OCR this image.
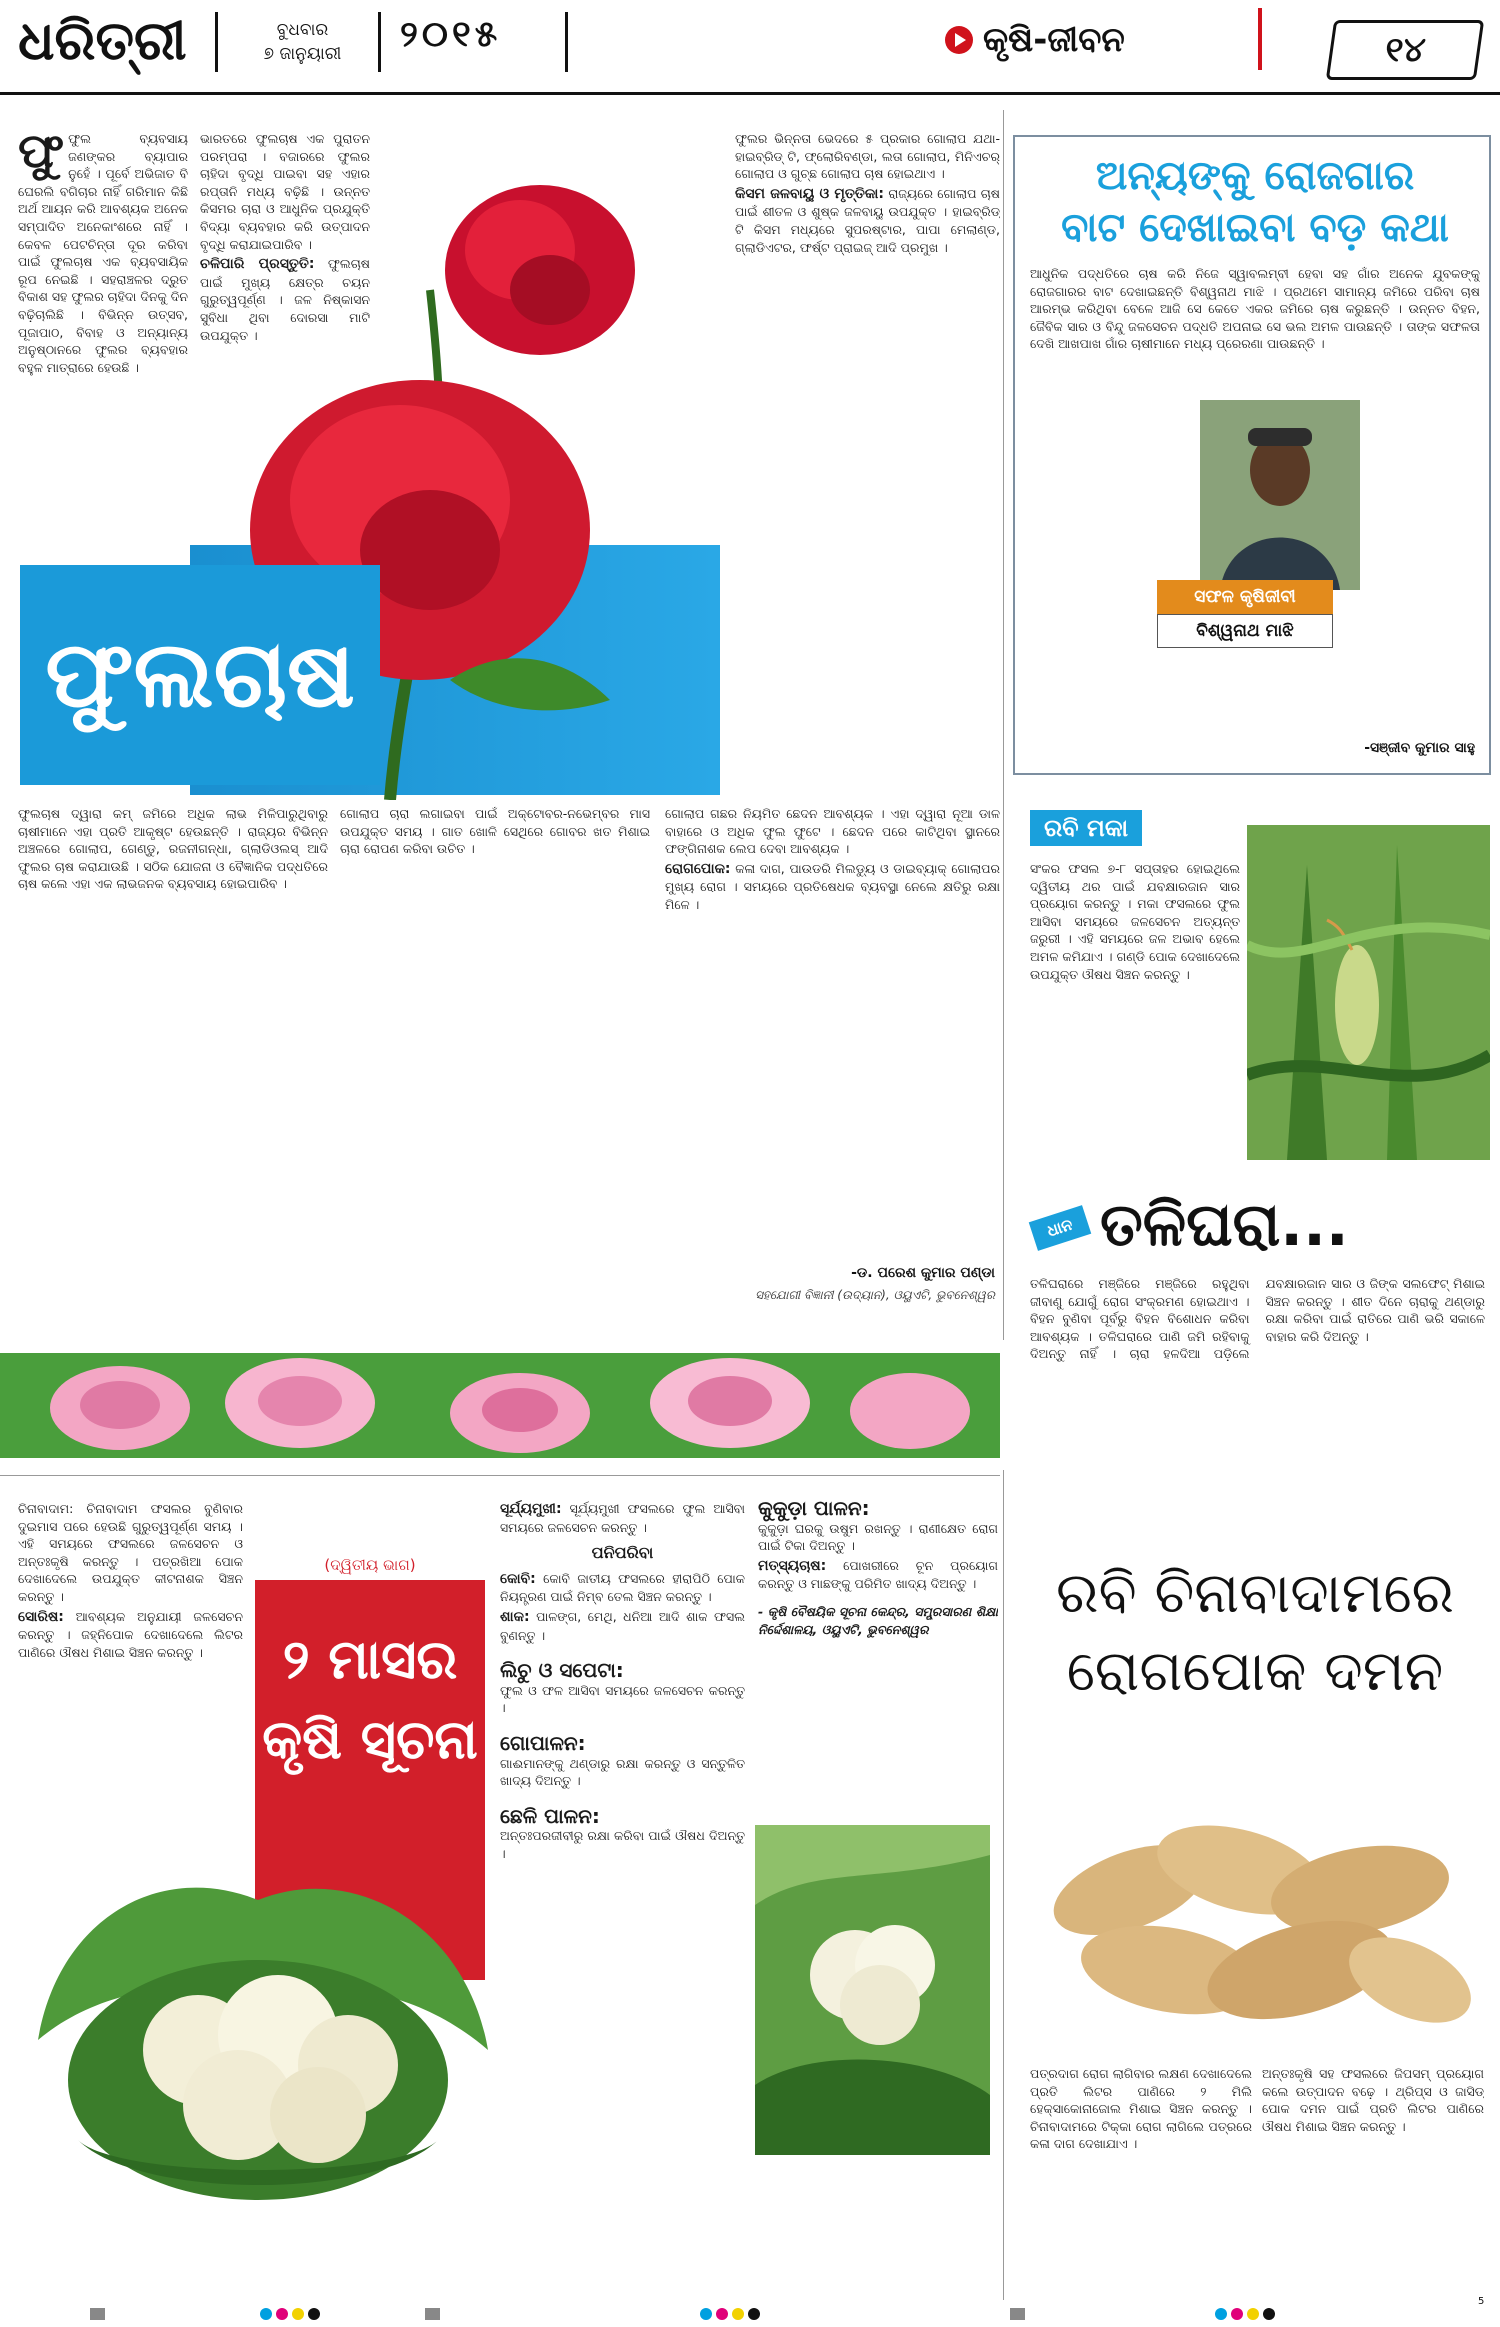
ଧରିତ୍ରୀ	ବୁଧବାର
୭ ଜାନୁୟାରୀ	୨୦୧୫	କୃଷି-ଜୀବନ	୧୪

ଫୁଫୁଲ ବ୍ୟବସାୟ ଜଣଙ୍କର ବ୍ୟାପାର ନୁହେଁ । ପୂର୍ବେ ଅଭିଜାତ ବି ଘେରଲି ବଗିଚାର ନାହିଁ ଗରିମାନ କିଛି ଅର୍ଥ ଆୟନ କରି ଆବଶ୍ୟକ ଅନେକ ସମ୍ପାଦିତ ଅନେକାଂଶରେ ନାହିଁ । କେବଳ ପେଟଚିନ୍ତା ଦୂର କରିବା ପାଇଁ ଫୁଲଚାଷ ଏକ ବ୍ୟବସାୟିକ ରୂପ ନେଇଛି । ସହରାଞ୍ଚଳର ଦ୍ରୁତ ବିକାଶ ସହ ଫୁଲର ଚାହିଦା ଦିନକୁ ଦିନ ବଢ଼ିଚାଲିଛି । ବିଭିନ୍ନ ଉତ୍ସବ, ପୂଜାପାଠ, ବିବାହ ଓ ଅନ୍ୟାନ୍ୟ ଅନୁଷ୍ଠାନରେ ଫୁଲର ବ୍ୟବହାର ବହୁଳ ମାତ୍ରାରେ ହେଉଛି ।

ଭାରତରେ ଫୁଲଚାଷ ଏକ ପୁରାତନ ପରମ୍ପରା । ବଜାରରେ ଫୁଲର ଚାହିଦା ବୃଦ୍ଧି ପାଇବା ସହ ଏହାର ରପ୍ତାନି ମଧ୍ୟ ବଢ଼ିଛି । ଉନ୍ନତ କିସମର ଚାରା ଓ ଆଧୁନିକ ପ୍ରଯୁକ୍ତି ବିଦ୍ୟା ବ୍ୟବହାର କରି ଉତ୍ପାଦନ ବୃଦ୍ଧି କରାଯାଇପାରିବ ।

ଚଳିପାରି ପ୍ରସ୍ତୁତି: ଫୁଲଚାଷ ପାଇଁ ମୁଖ୍ୟ କ୍ଷେତ୍ର ଚୟନ ଗୁରୁତ୍ୱପୂର୍ଣ୍ଣ । ଜଳ ନିଷ୍କାସନ ସୁବିଧା ଥିବା ଦୋରସା ମାଟି ଉପଯୁକ୍ତ ।

ଫୁଲଚାଷ

ଫୁଲର ଭିନ୍ନତା ଭେଦରେ ୫ ପ୍ରକାର ଗୋଲାପ ଯଥା- ହାଇବ୍ରିଡ୍ ଟି, ଫ୍ଲୋରିବଣ୍ଡା, ଲତା ଗୋଲାପ, ମିନିଏଚର୍ ଗୋଲାପ ଓ ଗୁଚ୍ଛ ଗୋଲାପ ଚାଷ ହୋଇଥାଏ ।

କିସମ ଜଳବାୟୁ ଓ ମୃତ୍ତିକା: ରାଜ୍ୟରେ ଗୋଲାପ ଚାଷ ପାଇଁ ଶୀତଳ ଓ ଶୁଷ୍କ ଜଳବାୟୁ ଉପଯୁକ୍ତ । ହାଇବ୍ରିଡ୍ ଟି କିସମ ମଧ୍ୟରେ ସୁପରଷ୍ଟାର, ପାପା ମେଲାଣ୍ଡ, ଗ୍ଲାଡିଏଟର, ଫର୍ଷ୍ଟ ପ୍ରାଇଜ୍ ଆଦି ପ୍ରମୁଖ ।

ଫୁଲଚାଷ ଦ୍ୱାରା କମ୍ ଜମିରେ ଅଧିକ ଲାଭ ମିଳିପାରୁଥିବାରୁ ଚାଷୀମାନେ ଏହା ପ୍ରତି ଆକୃଷ୍ଟ ହେଉଛନ୍ତି । ରାଜ୍ୟର ବିଭିନ୍ନ ଅଞ୍ଚଳରେ ଗୋଲାପ, ଗେଣ୍ଡୁ, ରଜନୀଗନ୍ଧା, ଗ୍ଲାଡିଓଲସ୍ ଆଦି ଫୁଲର ଚାଷ କରାଯାଉଛି । ସଠିକ ଯୋଜନା ଓ ବୈଜ୍ଞାନିକ ପଦ୍ଧତିରେ ଚାଷ କଲେ ଏହା ଏକ ଲାଭଜନକ ବ୍ୟବସାୟ ହୋଇପାରିବ ।

ଗୋଲାପ ଚାରା ଲଗାଇବା ପାଇଁ ଅକ୍ଟୋବର-ନଭେମ୍ବର ମାସ ଉପଯୁକ୍ତ ସମୟ । ଗାତ ଖୋଳି ସେଥିରେ ଗୋବର ଖତ ମିଶାଇ ଚାରା ରୋପଣ କରିବା ଉଚିତ ।

ଗୋଲାପ ଗଛର ନିୟମିତ ଛେଦନ ଆବଶ୍ୟକ । ଏହା ଦ୍ୱାରା ନୂଆ ଡାଳ ବାହାରେ ଓ ଅଧିକ ଫୁଲ ଫୁଟେ । ଛେଦନ ପରେ କାଟିଥିବା ସ୍ଥାନରେ ଫଙ୍ଗିନାଶକ ଲେପ ଦେବା ଆବଶ୍ୟକ ।

ରୋଗପୋକ: କଳା ଦାଗ, ପାଉଡରି ମିଲଡ୍ୟୁ ଓ ଡାଇବ୍ୟାକ୍ ଗୋଲାପର ମୁଖ୍ୟ ରୋଗ । ସମୟରେ ପ୍ରତିଷେଧକ ବ୍ୟବସ୍ଥା ନେଲେ କ୍ଷତିରୁ ରକ୍ଷା ମିଳେ ।

-ଡ. ପରେଶ କୁମାର ପଣ୍ଡା
ସହଯୋଗୀ ବିଜ୍ଞାନୀ (ଉଦ୍ୟାନ), ଓୟୁଏଟି, ଭୁବନେଶ୍ୱର
ଅନ୍ୟଙ୍କୁ ରୋଜଗାର
ବାଟ ଦେଖାଇବା ବଡ଼ କଥା

ଆଧୁନିକ ପଦ୍ଧତିରେ ଚାଷ କରି ନିଜେ ସ୍ୱାବଲମ୍ବୀ ହେବା ସହ ଗାଁର ଅନେକ ଯୁବକଙ୍କୁ ରୋଜଗାରର ବାଟ ଦେଖାଇଛନ୍ତି ବିଶ୍ୱନାଥ ମାଝି । ପ୍ରଥମେ ସାମାନ୍ୟ ଜମିରେ ପରିବା ଚାଷ ଆରମ୍ଭ କରିଥିବା ବେଳେ ଆଜି ସେ କେତେ ଏକର ଜମିରେ ଚାଷ କରୁଛନ୍ତି । ଉନ୍ନତ ବିହନ, ଜୈବିକ ସାର ଓ ବିନ୍ଦୁ ଜଳସେଚନ ପଦ୍ଧତି ଅପନାଇ ସେ ଭଲ ଅମଳ ପାଉଛନ୍ତି । ତାଙ୍କ ସଫଳତା ଦେଖି ଆଖପାଖ ଗାଁର ଚାଷୀମାନେ ମଧ୍ୟ ପ୍ରେରଣା ପାଉଛନ୍ତି ।

ସଫଳ କୃଷିଜୀବୀ
ବିଶ୍ୱନାଥ ମାଝି
-ସଞ୍ଜୀବ କୁମାର ସାହୁ
ରବି ମକା

ସଂକର ଫସଲ ୭-୮ ସପ୍ତାହର ହୋଇଥିଲେ ଦ୍ୱିତୀୟ ଥର ପାଇଁ ଯବକ୍ଷାରଜାନ ସାର ପ୍ରୟୋଗ କରନ୍ତୁ । ମକା ଫସଲରେ ଫୁଲ ଆସିବା ସମୟରେ ଜଳସେଚନ ଅତ୍ୟନ୍ତ ଜରୁରୀ । ଏହି ସମୟରେ ଜଳ ଅଭାବ ହେଲେ ଅମଳ କମିଯାଏ । ଗଣ୍ଡି ପୋକ ଦେଖାଦେଲେ ଉପଯୁକ୍ତ ଔଷଧ ସିଞ୍ଚନ କରନ୍ତୁ ।

ଧାନ ତଳିଘରା...

ତଳିଘରାରେ ମଞ୍ଜିରେ ମଞ୍ଜିରେ ରହୁଥିବା ଜୀବାଣୁ ଯୋଗୁଁ ରୋଗ ସଂକ୍ରମଣ ହୋଇଥାଏ । ବିହନ ବୁଣିବା ପୂର୍ବରୁ ବିହନ ବିଶୋଧନ କରିବା ଆବଶ୍ୟକ । ତଳିଘରାରେ ପାଣି ଜମି ରହିବାକୁ ଦିଅନ୍ତୁ ନାହିଁ । ଚାରା ହଳଦିଆ ପଡ଼ିଲେ ଯବକ୍ଷାରଜାନ ସାର ଓ ଜିଙ୍କ ସଲଫେଟ୍ ମିଶାଇ ସିଞ୍ଚନ କରନ୍ତୁ । ଶୀତ ଦିନେ ଚାରାକୁ ଥଣ୍ଡାରୁ ରକ୍ଷା କରିବା ପାଇଁ ରାତିରେ ପାଣି ଭରି ସକାଳେ ବାହାର କରି ଦିଅନ୍ତୁ ।

ଚିନାବାଦାମ: ଚିନାବାଦାମ ଫସଲର ବୁଣିବାର ଦୁଇମାସ ପରେ ହେଉଛି ଗୁରୁତ୍ୱପୂର୍ଣ୍ଣ ସମୟ । ଏହି ସମୟରେ ଫସଲରେ ଜଳସେଚନ ଓ ଅନ୍ତଃକୃଷି କରନ୍ତୁ । ପତ୍ରଖିଆ ପୋକ ଦେଖାଦେଲେ ଉପଯୁକ୍ତ କୀଟନାଶକ ସିଞ୍ଚନ କରନ୍ତୁ ।

ସୋରିଷ: ଆବଶ୍ୟକ ଅନୁଯାୟୀ ଜଳସେଚନ କରନ୍ତୁ । ଜହ୍ନିପୋକ ଦେଖାଦେଲେ ଲିଟର ପାଣିରେ ଔଷଧ ମିଶାଇ ସିଞ୍ଚନ କରନ୍ତୁ ।

(ଦ୍ୱିତୀୟ ଭାଗ)
୨ ମାସର କୃଷି ସୂଚନା

ସୂର୍ଯ୍ୟମୁଖୀ: ସୂର୍ଯ୍ୟମୁଖୀ ଫସଲରେ ଫୁଲ ଆସିବା ସମୟରେ ଜଳସେଚନ କରନ୍ତୁ ।

ପନିପରିବା

କୋବି: କୋବି ଜାତୀୟ ଫସଲରେ ହୀରାପିଠି ପୋକ ନିୟନ୍ତ୍ରଣ ପାଇଁ ନିମ୍ବ ତେଲ ସିଞ୍ଚନ କରନ୍ତୁ ।

ଶାକ: ପାଳଙ୍ଗ, ମେଥି, ଧନିଆ ଆଦି ଶାକ ଫସଲ ବୁଣନ୍ତୁ ।

ଲିଚୁ ଓ ସପେଟା:

ଫୁଲ ଓ ଫଳ ଆସିବା ସମୟରେ ଜଳସେଚନ କରନ୍ତୁ ।

ଗୋପାଳନ:

ଗାଈମାନଙ୍କୁ ଥଣ୍ଡାରୁ ରକ୍ଷା କରନ୍ତୁ ଓ ସନ୍ତୁଳିତ ଖାଦ୍ୟ ଦିଅନ୍ତୁ ।

ଛେଳି ପାଳନ:

ଅନ୍ତଃପରଜୀବୀରୁ ରକ୍ଷା କରିବା ପାଇଁ ଔଷଧ ଦିଅନ୍ତୁ ।

କୁକୁଡ଼ା ପାଳନ:

କୁକୁଡ଼ା ଘରକୁ ଉଷୁମ ରଖନ୍ତୁ । ରାଣୀକ୍ଷେତ ରୋଗ ପାଇଁ ଟିକା ଦିଅନ୍ତୁ ।

ମତ୍ସ୍ୟଚାଷ: ପୋଖରୀରେ ଚୂନ ପ୍ରୟୋଗ କରନ୍ତୁ ଓ ମାଛଙ୍କୁ ପରିମିତ ଖାଦ୍ୟ ଦିଅନ୍ତୁ ।

- କୃଷି ବୈଷୟିକ ସୂଚନା କେନ୍ଦ୍ର, ସମ୍ପ୍ରସାରଣ ଶିକ୍ଷା ନିର୍ଦ୍ଦେଶାଳୟ, ଓୟୁଏଟି, ଭୁବନେଶ୍ୱର

ରବି ଚିନାବାଦାମରେ
ରୋଗପୋକ ଦମନ

ପତ୍ରଦାଗ ରୋଗ ଲାଗିବାର ଲକ୍ଷଣ ଦେଖାଦେଲେ ପ୍ରତି ଲିଟର ପାଣିରେ ୨ ମିଲି ହେକ୍ସାକୋନାଜୋଲ ମିଶାଇ ସିଞ୍ଚନ କରନ୍ତୁ । ଚିନାବାଦାମରେ ଟିକ୍କା ରୋଗ ଲାଗିଲେ ପତ୍ରରେ କଳା ଦାଗ ଦେଖାଯାଏ ।

ଅନ୍ତଃକୃଷି ସହ ଫସଲରେ ଜିପସମ୍ ପ୍ରୟୋଗ କଲେ ଉତ୍ପାଦନ ବଢ଼େ । ଥ୍ରିପ୍ସ ଓ ଜାସିଡ୍ ପୋକ ଦମନ ପାଇଁ ପ୍ରତି ଲିଟର ପାଣିରେ ଔଷଧ ମିଶାଇ ସିଞ୍ଚନ କରନ୍ତୁ ।

5
